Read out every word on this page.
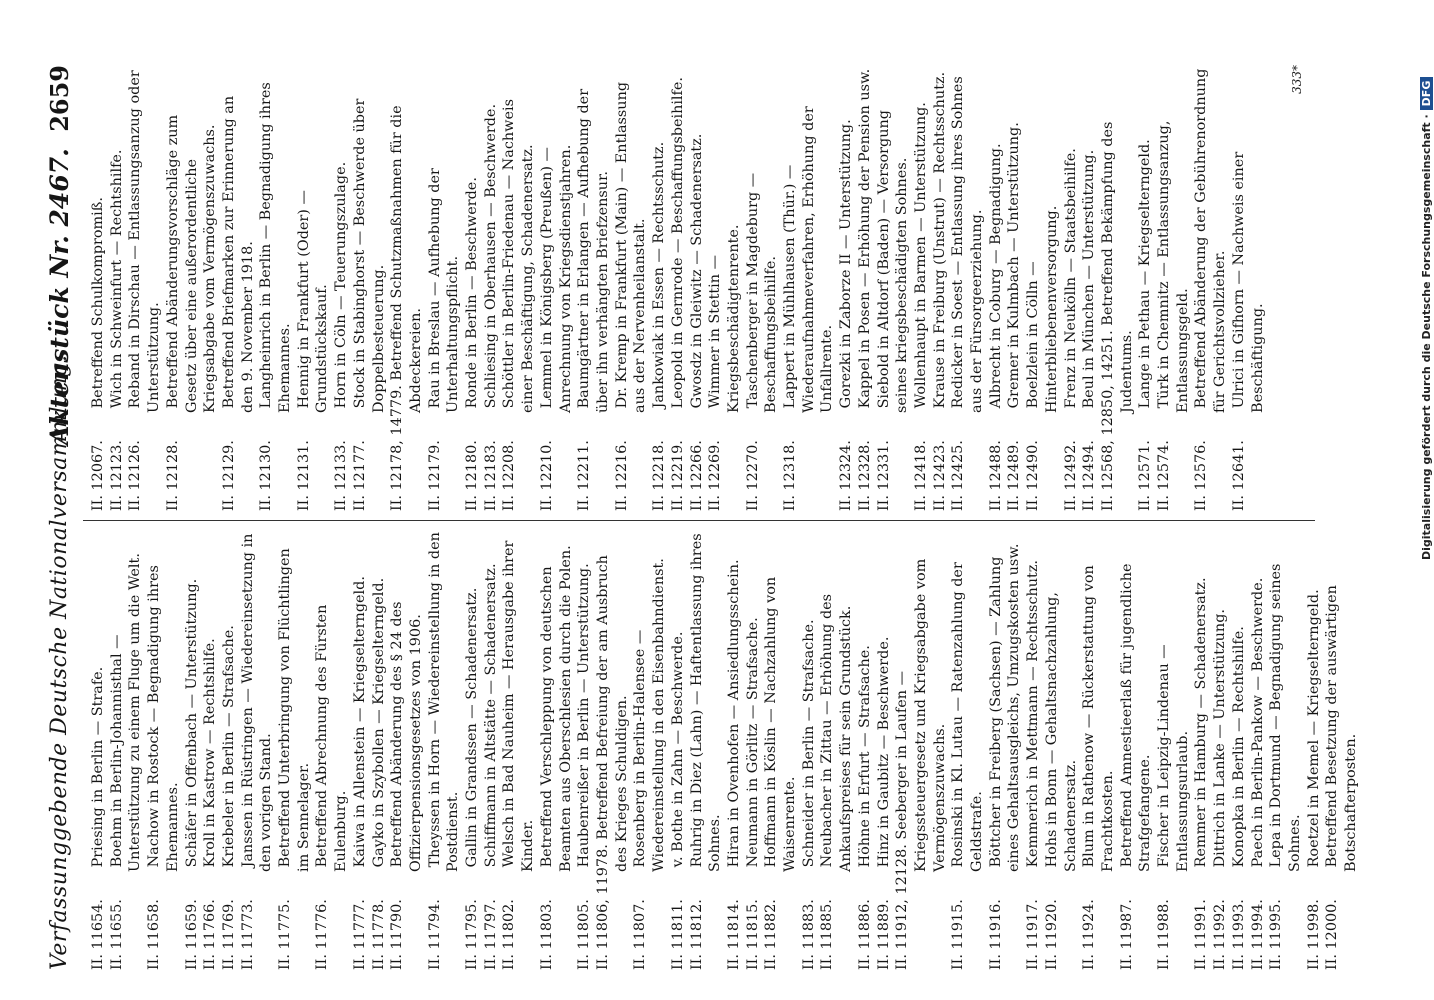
Verfassunggebende Deutsche Nationalversammlung.
Aktenstück Nr. 2467.
2659

II. 11654. Priesing in Berlin — Strafe.

II. 11655. Boehm in Berlin-Johannisthal — Unterstützung zu einem Fluge um die Welt.

II. 11658. Nachow in Rostock — Begnadigung ihres Ehemannes.

II. 11659. Schäfer in Offenbach — Unterstützung.

II. 11766. Kroll in Kastrow — Rechtshilfe.

II. 11769. Kriebeler in Berlin — Strafsache.

II. 11773. Janssen in Rüstringen — Wiedereinsetzung in den vorigen Stand.

II. 11775. Betreffend Unterbringung von Flüchtlingen im Sennelager.

II. 11776. Betreffend Abrechnung des Fürsten Eulenburg.

II. 11777. Kaiwa in Allenstein — Kriegselterngeld.

II. 11778. Gayko in Szybollen — Kriegselterngeld.

II. 11790. Betreffend Abänderung des § 24 des Offizierpensionsgesetzes von 1906.

II. 11794. Theyssen in Horn — Wiedereinstellung in den Postdienst.

II. 11795. Gallin in Grandssen — Schadenersatz.

II. 11797. Schiffmann in Altstätte — Schadenersatz.

II. 11802. Welsch in Bad Nauheim — Herausgabe ihrer Kinder.

II. 11803. Betreffend Verschleppung von deutschen Beamten aus Oberschlesien durch die Polen.

II. 11805. Haubenreißer in Berlin — Unterstützung.

II. 11806, 11978. Betreffend Befreiung der am Ausbruch des Krieges Schuldigen.

II. 11807. Rosenberg in Berlin-Halensee — Wiedereinstellung in den Eisenbahndienst.

II. 11811. v. Bothe in Zahn — Beschwerde.

II. 11812. Ruhrig in Diez (Lahn) — Haftentlassung ihres Sohnes.

II. 11814. Hiran in Ovenhofen — Ansiedlungsschein.

II. 11815. Neumann in Görlitz — Strafsache.

II. 11882. Hoffmann in Köslin — Nachzahlung von Waisenrente.

II. 11883. Schneider in Berlin — Strafsache.

II. 11885. Neubacher in Zittau — Erhöhung des Ankaufspreises für sein Grundstück.

II. 11886. Höhne in Erfurt — Strafsache.

II. 11889. Hinz in Gaubitz — Beschwerde.

II. 11912, 12128. Seeberger in Laufen — Kriegssteuergesetz und Kriegsabgabe vom Vermögenszuwachs.

II. 11915. Rosinski in Kl. Lutau — Ratenzahlung der Geldstrafe.

II. 11916. Böttcher in Freiberg (Sachsen) — Zahlung eines Gehaltsausgleichs, Umzugskosten usw.

II. 11917. Kemmerich in Mettmann — Rechtsschutz.

II. 11920. Hohs in Bonn — Gehaltsnachzahlung, Schadenersatz.

II. 11924. Blum in Rathenow — Rückerstattung von Frachtkosten.

II. 11987. Betreffend Amnestieerlaß für jugendliche Strafgefangene.

II. 11988. Fischer in Leipzig-Lindenau — Entlassungsurlaub.

II. 11991. Remmer in Hamburg — Schadenersatz.

II. 11992. Dittrich in Lanke — Unterstützung.

II. 11993. Konopka in Berlin — Rechtshilfe.

II. 11994. Paech in Berlin-Pankow — Beschwerde.

II. 11995. Lepa in Dortmund — Begnadigung seines Sohnes.

II. 11998. Roetzel in Memel — Kriegselterngeld.

II. 12000. Betreffend Besetzung der auswärtigen Botschafterposten.

II. 12067. Betreffend Schulkompromiß.

II. 12123. Wich in Schweinfurt — Rechtshilfe.

II. 12126. Reband in Dirschau — Entlassungsanzug oder Unterstützung.

II. 12128. Betreffend Abänderungsvorschläge zum Gesetz über eine außerordentliche Kriegsabgabe vom Vermögenszuwachs.

II. 12129. Betreffend Briefmarken zur Erinnerung an den 9. November 1918.

II. 12130. Langheinrich in Berlin — Begnadigung ihres Ehemannes.

II. 12131. Hennig in Frankfurt (Oder) — Grundstückskauf.

II. 12133. Horn in Cöln — Teuerungszulage.

II. 12177. Stock in Stabinghorst — Beschwerde über Doppelbesteuerung.

II. 12178, 14779. Betreffend Schutzmaßnahmen für die Abdeckereien.

II. 12179. Rau in Breslau — Aufhebung der Unterhaltungspflicht.

II. 12180. Ronde in Berlin — Beschwerde.

II. 12183. Schliesing in Oberhausen — Beschwerde.

II. 12208. Schöttler in Berlin-Friedenau — Nachweis einer Beschäftigung, Schadenersatz.

II. 12210. Lemmel in Königsberg (Preußen) — Anrechnung von Kriegsdienstjahren.

II. 12211. Baumgärtner in Erlangen — Aufhebung der über ihn verhängten Briefzensur.

II. 12216. Dr. Kremp in Frankfurt (Main) — Entlassung aus der Nervenheilanstalt.

II. 12218. Jankowiak in Essen — Rechtsschutz.

II. 12219. Leopold in Gernrode — Beschaffungsbeihilfe.

II. 12266. Gwosdz in Gleiwitz — Schadenersatz.

II. 12269. Wimmer in Stettin — Kriegsbeschädigtenrente.

II. 12270. Taschenberger in Magdeburg — Beschaffungsbeihilfe.

II. 12318. Lappert in Mühlhausen (Thür.) — Wiederaufnahmeverfahren, Erhöhung der Unfallrente.

II. 12324. Gorezki in Zaborze II — Unterstützung.

II. 12328. Kappel in Posen — Erhöhung der Pension usw.

II. 12331. Siebold in Altdorf (Baden) — Versorgung seines kriegsbeschädigten Sohnes.

II. 12418. Wollenhaupt in Barmen — Unterstützung.

II. 12423. Krause in Freiburg (Unstrut) — Rechtsschutz.

II. 12425. Redicker in Soest — Entlassung ihres Sohnes aus der Fürsorgeerziehung.

II. 12488. Albrecht in Coburg — Begnadigung.

II. 12489. Gremer in Kulmbach — Unterstützung.

II. 12490. Boelzlein in Cölln — Hinterbliebenenversorgung.

II. 12492. Frenz in Neukölln — Staatsbeihilfe.

II. 12494. Beul in München — Unterstützung.

II. 12568, 12850, 14251. Betreffend Bekämpfung des Judentums.

II. 12571. Lange in Pethau — Kriegselterngeld.

II. 12574. Türk in Chemnitz — Entlassungsanzug, Entlassungsgeld.

II. 12576. Betreffend Abänderung der Gebührenordnung für Gerichtsvollzieher.

II. 12641. Ulrici in Gifhorn — Nachweis einer Beschäftigung.

333*
Digitalisierung gefördert durch die Deutsche Forschungsgemeinschaft ·DFG
